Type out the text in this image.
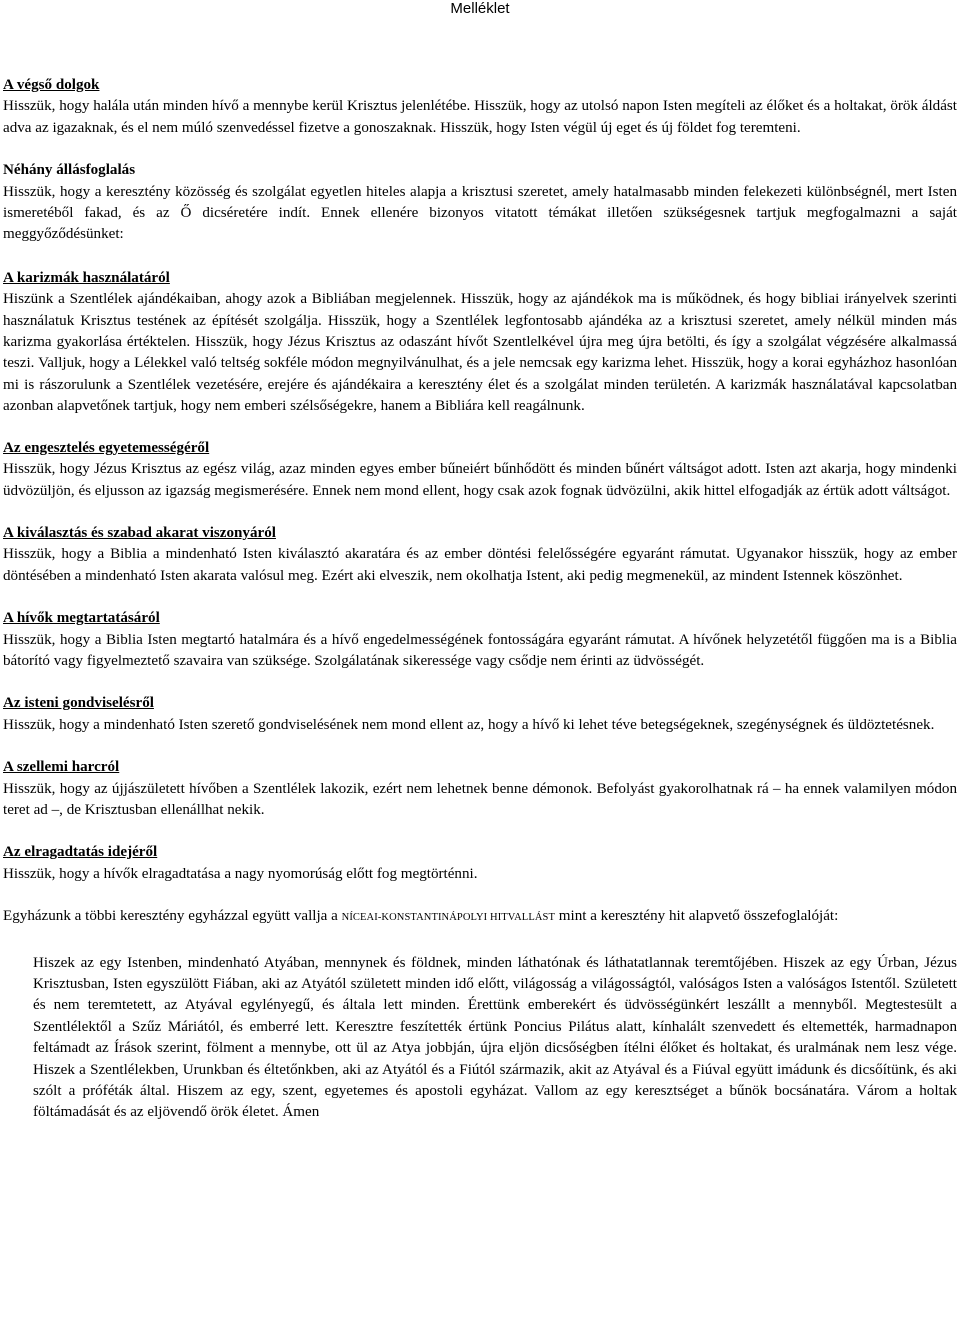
Melléklet

A végső dolgok

Hisszük, hogy halála után minden hívő a mennybe kerül Krisztus jelenlétébe. Hisszük, hogy az utolsó napon Isten megíteli az élőket és a holtakat, örök áldást adva az igazaknak, és el nem múló szenvedéssel fizetve a gonoszaknak. Hisszük, hogy Isten végül új eget és új földet fog teremteni.

Néhány állásfoglalás

Hisszük, hogy a keresztény közösség és szolgálat egyetlen hiteles alapja a krisztusi szeretet, amely hatalmasabb minden felekezeti különbségnél, mert Isten ismeretéből fakad, és az Ő dicséretére indít. Ennek ellenére bizonyos vitatott témákat illetően szükségesnek tartjuk megfogalmazni a saját meggyőződésünket:

A karizmák használatáról

Hiszünk a Szentlélek ajándékaiban, ahogy azok a Bibliában megjelennek. Hisszük, hogy az ajándékok ma is működnek, és hogy bibliai irányelvek szerinti használatuk Krisztus testének az építését szolgálja. Hisszük, hogy a Szentlélek legfontosabb ajándéka az a krisztusi szeretet, amely nélkül minden más karizma gyakorlása értéktelen. Hisszük, hogy Jézus Krisztus az odaszánt hívőt Szentlelkével újra meg újra betölti, és így a szolgálat végzésére alkalmassá teszi. Valljuk, hogy a Lélekkel való teltség sokféle módon megnyilvánulhat, és a jele nemcsak egy karizma lehet. Hisszük, hogy a korai egyházhoz hasonlóan mi is rászorulunk a Szentlélek vezetésére, erejére és ajándékaira a keresztény élet és a szolgálat minden területén. A karizmák használatával kapcsolatban azonban alapvetőnek tartjuk, hogy nem emberi szélsőségekre, hanem a Bibliára kell reagálnunk.

Az engesztelés egyetemességéről

Hisszük, hogy Jézus Krisztus az egész világ, azaz minden egyes ember bűneiért bűnhődött és minden bűnért váltságot adott. Isten azt akarja, hogy mindenki üdvözüljön, és eljusson az igazság megismerésére. Ennek nem mond ellent, hogy csak azok fognak üdvözülni, akik hittel elfogadják az értük adott váltságot.

A kiválasztás és szabad akarat viszonyáról

Hisszük, hogy a Biblia a mindenható Isten kiválasztó akaratára és az ember döntési felelősségére egyaránt rámutat. Ugyanakor hisszük, hogy az ember döntésében a mindenható Isten akarata valósul meg. Ezért aki elveszik, nem okolhatja Istent, aki pedig megmenekül, az mindent Istennek köszönhet.

A hívők megtartatásáról

Hisszük, hogy a Biblia Isten megtartó hatalmára és a hívő engedelmességének fontosságára egyaránt rámutat. A hívőnek helyzetétől függően ma is a Biblia bátorító vagy figyelmeztető szavaira van szüksége. Szolgálatának sikeressége vagy csődje nem érinti az üdvösségét.

Az isteni gondviselésről

Hisszük, hogy a mindenható Isten szerető gondviselésének nem mond ellent az, hogy a hívő ki lehet téve betegségeknek, szegénységnek és üldöztetésnek.

A szellemi harcról

Hisszük, hogy az újjászületett hívőben a Szentlélek lakozik, ezért nem lehetnek benne démonok. Befolyást gyakorolhatnak rá – ha ennek valamilyen módon teret ad –, de Krisztusban ellenállhat nekik.

Az elragadtatás idejéről

Hisszük, hogy a hívők elragadtatása a nagy nyomorúság előtt fog megtörténni.

Egyházunk a többi keresztény egyházzal együtt vallja a NÍCEAI-KONSTANTINÁPOLYI HITVALLÁST mint a keresztény hit alapvető összefoglalóját:

Hiszek az egy Istenben, mindenható Atyában, mennynek és földnek, minden láthatónak és láthatatlannak teremtőjében. Hiszek az egy Úrban, Jézus Krisztusban, Isten egyszülött Fiában, aki az Atyától született minden idő előtt, világosság a világosságtól, valóságos Isten a valóságos Istentől. Született és nem teremtetett, az Atyával egylényegű, és általa lett minden. Érettünk emberekért és üdvösségünkért leszállt a mennyből. Megtestesült a Szentlélektől a Szűz Máriától, és emberré lett. Keresztre feszítették értünk Poncius Pilátus alatt, kínhalált szenvedett és eltemették, harmadnapon feltámadt az Írások szerint, fölment a mennybe, ott ül az Atya jobbján, újra eljön dicsőségben ítélni élőket és holtakat, és uralmának nem lesz vége. Hiszek a Szentlélekben, Urunkban és éltetőnkben, aki az Atyától és a Fiútól származik, akit az Atyával és a Fiúval együtt imádunk és dicsőítünk, és aki szólt a próféták által. Hiszem az egy, szent, egyetemes és apostoli egyházat. Vallom az egy keresztséget a bűnök bocsánatára. Várom a holtak föltámadását és az eljövendő örök életet. Ámen
